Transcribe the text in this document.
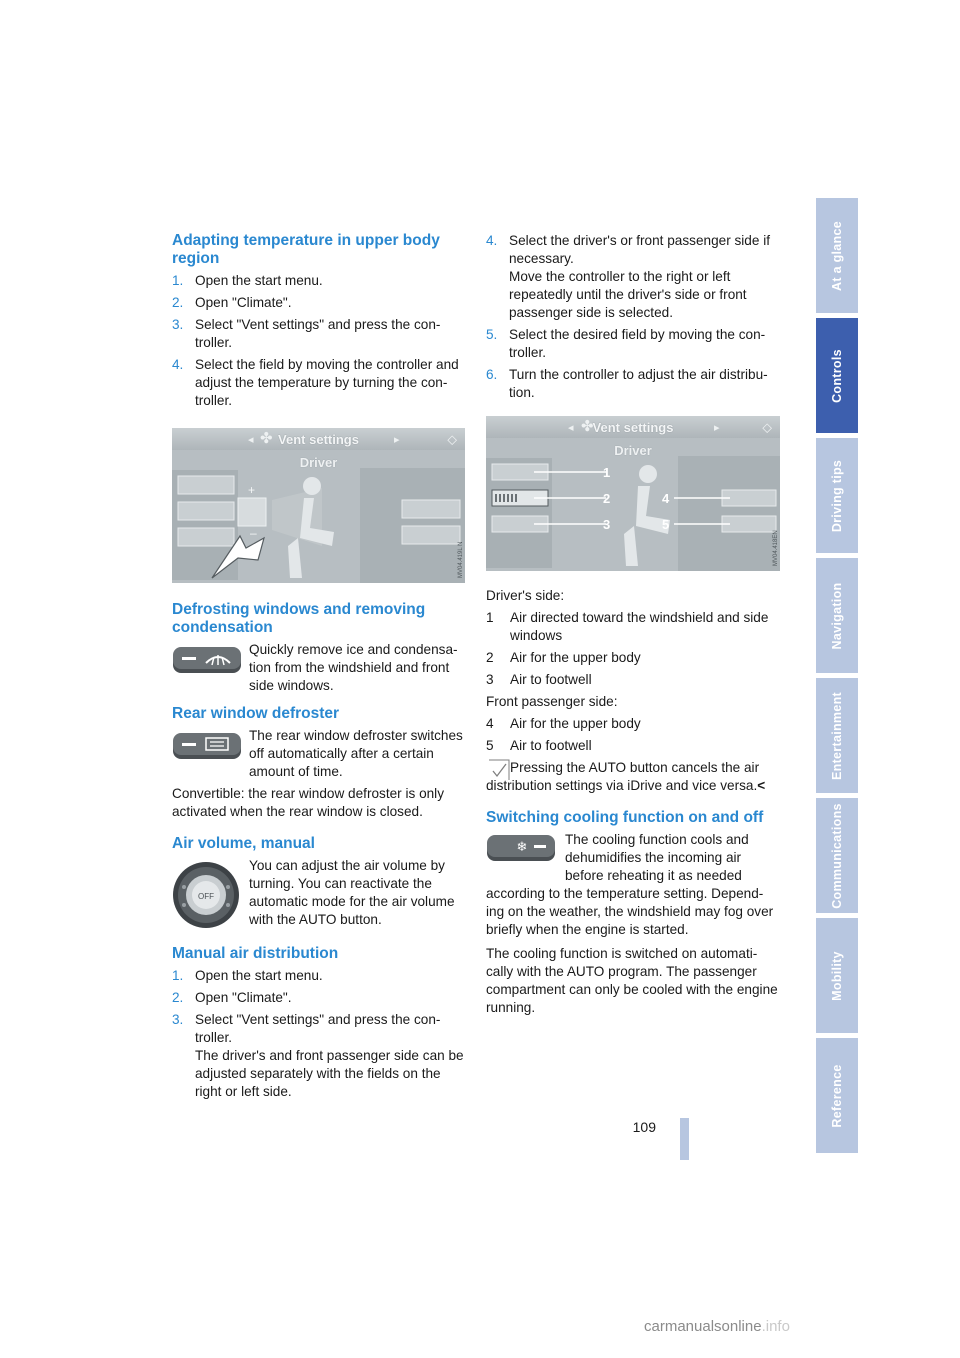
Adapting temperature in upper body region
1. Open the start menu.
2. Open "Climate".
3. Select "Vent settings" and press the con-troller.
4. Select the field by moving the controller and adjust the temperature by turning the con-troller.
✤ Vent settings
◂	▸	⬦
Driver
+
–
MV04.419L N
Defrosting windows and removing condensation

Quickly remove ice and condensa-tion from the windshield and front side windows.

Rear window defroster

The rear window defroster switches off automatically after a certain amount of time.

Convertible: the rear window defroster is only activated when the rear window is closed.

Air volume, manual
OFF

You can adjust the air volume by turning. You can reactivate the automatic mode for the air volume with the AUTO button.

Manual air distribution
1. Open the start menu.
2. Open "Climate".
3. Select "Vent settings" and press the con-troller.
The driver's and front passenger side can be adjusted separately with the fields on the right or left side.
4. Select the driver's or front passenger side if necessary.
Move the controller to the right or left repeatedly until the driver's side or front passenger side is selected.
5. Select the desired field by moving the con-troller.
6. Turn the controller to adjust the air distribu-tion.
✤
Vent settings
◂	▸	⬦
Driver
1
2
3
4
5
MV04.418EN

Driver's side:

1 Air directed toward the windshield and side windows
2 Air for the upper body
3 Air to footwell

Front passenger side:

4 Air for the upper body
5 Air to footwell

Pressing the AUTO button cancels the air distribution settings via iDrive and vice versa.<

Switching cooling function on and off
❄

The cooling function cools and dehumidifies the incoming air before reheating it as needed according to the temperature setting. Depend-ing on the weather, the windshield may fog over briefly when the engine is started.

The cooling function is switched on automati-cally with the AUTO program. The passenger compartment can only be cooled with the engine running.

At a glance
Controls
Driving tips
Navigation
Entertainment
Communications
Mobility
Reference
109
carmanualsonline.info
